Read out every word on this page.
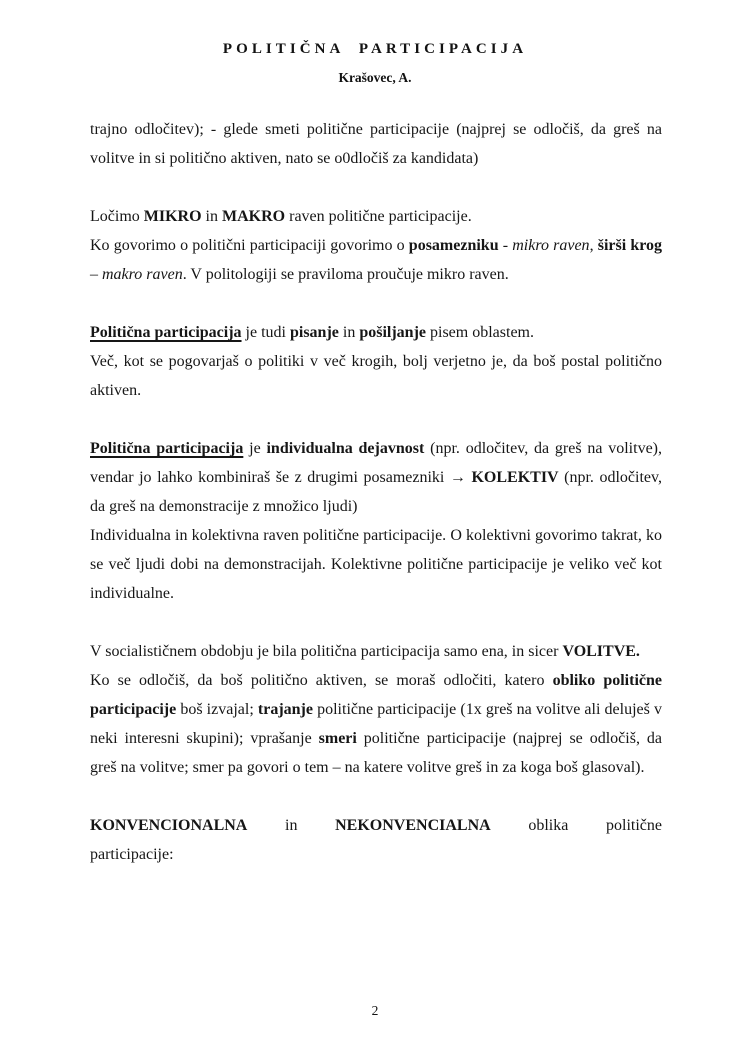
POLITIČNA PARTICIPACIJA
Krašovec, A.

trajno odločitev); - glede smeti politične participacije (najprej se odločiš, da greš na volitve in si politično aktiven, nato se o0dločiš za kandidata)

Ločimo MIKRO in MAKRO raven politične participacije.

Ko govorimo o politični participaciji govorimo o posamezniku - mikro raven, širši krog – makro raven. V politologiji se praviloma proučuje mikro raven.

Politična participacija je tudi pisanje in pošiljanje pisem oblastem.

Več, kot se pogovarjaš o politiki v več krogih, bolj verjetno je, da boš postal politično aktiven.

Politična participacija je individualna dejavnost (npr. odločitev, da greš na volitve), vendar jo lahko kombiniraš še z drugimi posamezniki → KOLEKTIV (npr. odločitev, da greš na demonstracije z množico ljudi)

Individualna in kolektivna raven politične participacije. O kolektivni govorimo takrat, ko se več ljudi dobi na demonstracijah. Kolektivne politične participacije je veliko več kot individualne.

V socialističnem obdobju je bila politična participacija samo ena, in sicer VOLITVE.

Ko se odločiš, da boš politično aktiven, se moraš odločiti, katero obliko politične participacije boš izvajal; trajanje politične participacije (1x greš na volitve ali deluješ v neki interesni skupini); vprašanje smeri politične participacije (najprej se odločiš, da greš na volitve; smer pa govori o tem – na katere volitve greš in za koga boš glasoval).

KONVENCIONALNA in NEKONVENCIALNA oblika politične

participacije:

2
